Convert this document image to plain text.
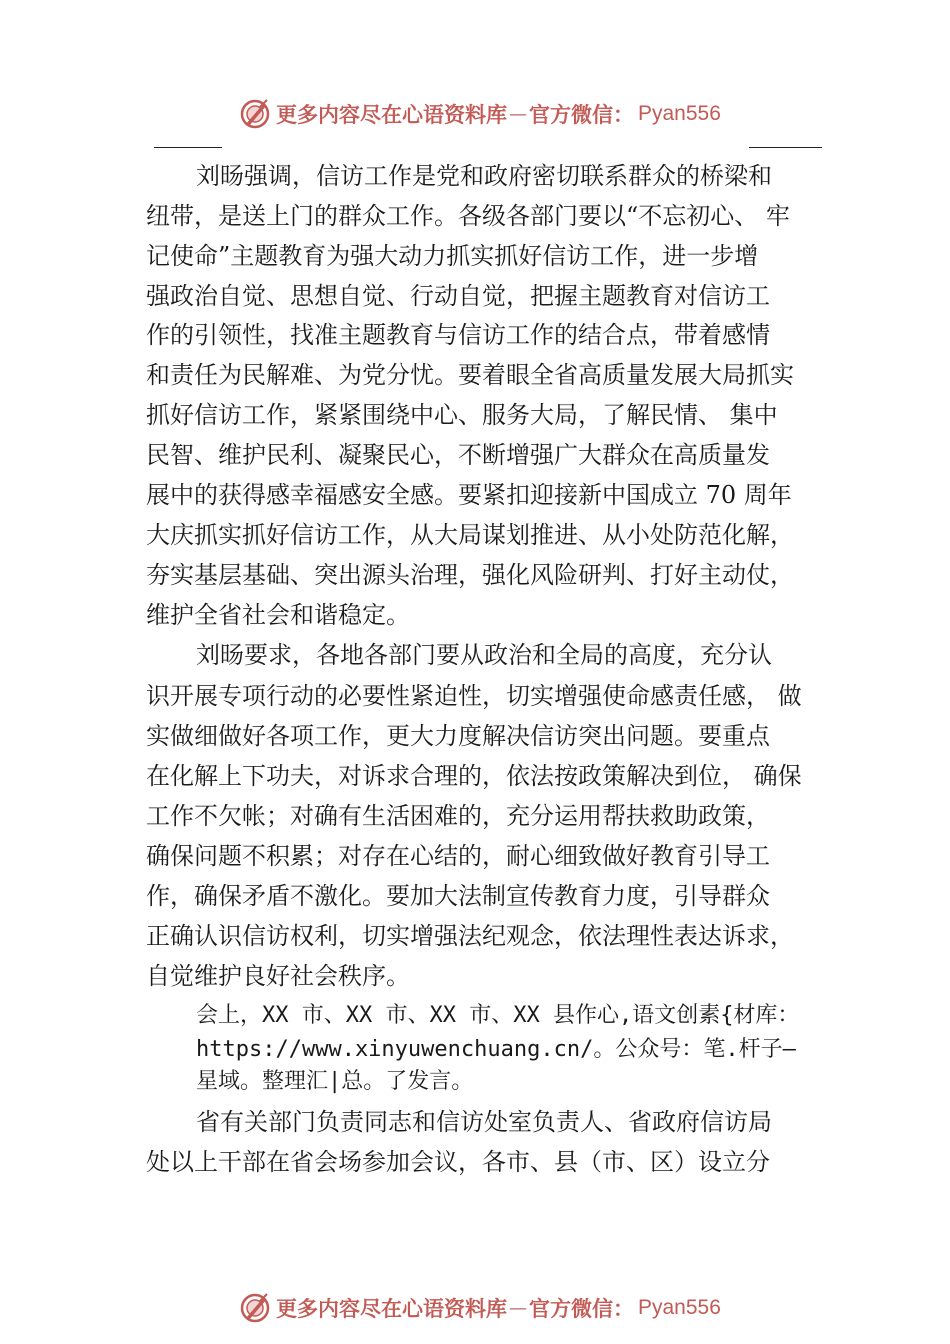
更多内容尽在心语资料库 — 官方微信： Pyan556
刘旸强调，信访工作是党和政府密切联系群众的桥梁和
纽带，是送上门的群众工作。各级各部门要以“不忘初心、 牢
记使命”主题教育为强大动力抓实抓好信访工作，进一步增
强政治自觉、思想自觉、行动自觉，把握主题教育对信访工
作的引领性，找准主题教育与信访工作的结合点，带着感情
和责任为民解难、为党分忧。要着眼全省高质量发展大局抓实
抓好信访工作，紧紧围绕中心、服务大局，了解民情、 集中
民智、维护民利、凝聚民心，不断增强广大群众在高质量发
展中的获得感幸福感安全感。要紧扣迎接新中国成立 70 周年
大庆抓实抓好信访工作，从大局谋划推进、从小处防范化解，
夯实基层基础、突出源头治理，强化风险研判、打好主动仗，
维护全省社会和谐稳定。
刘旸要求，各地各部门要从政治和全局的高度，充分认
识开展专项行动的必要性紧迫性，切实增强使命感责任感， 做
实做细做好各项工作，更大力度解决信访突出问题。要重点
在化解上下功夫，对诉求合理的，依法按政策解决到位， 确保
工作不欠帐；对确有生活困难的，充分运用帮扶救助政策，
确保问题不积累；对存在心结的，耐心细致做好教育引导工
作，确保矛盾不激化。要加大法制宣传教育力度，引导群众
正确认识信访权利，切实增强法纪观念，依法理性表达诉求，
自觉维护良好社会秩序。
会上，XX 市、XX 市、XX 市、XX 县作心,语文创素{材库：
https://www.xinyuwenchuang.cn/。公众号：笔.杆子—
星域。整理汇|总。了发言。
省有关部门负责同志和信访处室负责人、省政府信访局
处以上干部在省会场参加会议，各市、县（市、区）设立分
更多内容尽在心语资料库 — 官方微信： Pyan556
